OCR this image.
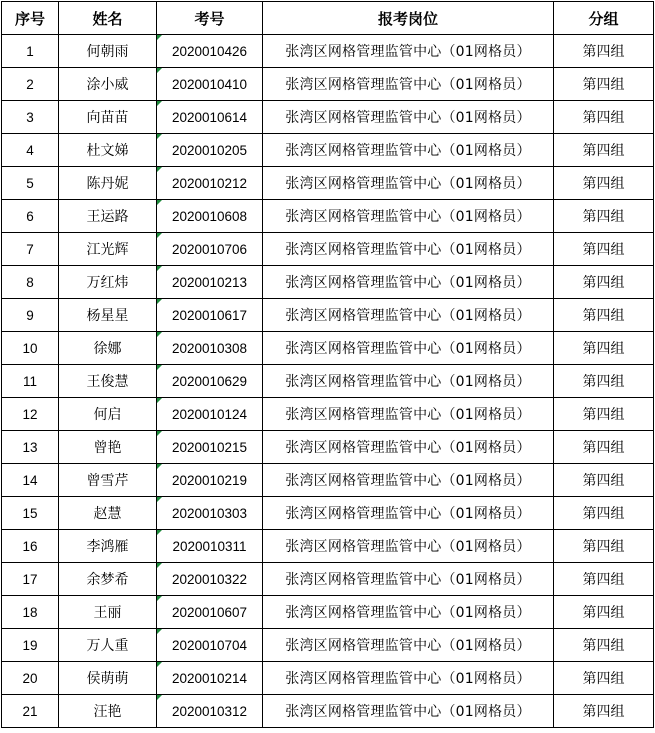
序号	姓名	考号	报考岗位	分组
1	何朝雨	2020010426	张湾区网格管理监管中心（01网格员）	第四组
2	涂小威	2020010410	张湾区网格管理监管中心（01网格员）	第四组
3	向苗苗	2020010614	张湾区网格管理监管中心（01网格员）	第四组
4	杜文娣	2020010205	张湾区网格管理监管中心（01网格员）	第四组
5	陈丹妮	2020010212	张湾区网格管理监管中心（01网格员）	第四组
6	王运路	2020010608	张湾区网格管理监管中心（01网格员）	第四组
7	江光辉	2020010706	张湾区网格管理监管中心（01网格员）	第四组
8	万红炜	2020010213	张湾区网格管理监管中心（01网格员）	第四组
9	杨星星	2020010617	张湾区网格管理监管中心（01网格员）	第四组
10	徐娜	2020010308	张湾区网格管理监管中心（01网格员）	第四组
11	王俊慧	2020010629	张湾区网格管理监管中心（01网格员）	第四组
12	何启	2020010124	张湾区网格管理监管中心（01网格员）	第四组
13	曾艳	2020010215	张湾区网格管理监管中心（01网格员）	第四组
14	曾雪芹	2020010219	张湾区网格管理监管中心（01网格员）	第四组
15	赵慧	2020010303	张湾区网格管理监管中心（01网格员）	第四组
16	李鸿雁	2020010311	张湾区网格管理监管中心（01网格员）	第四组
17	余梦希	2020010322	张湾区网格管理监管中心（01网格员）	第四组
18	王丽	2020010607	张湾区网格管理监管中心（01网格员）	第四组
19	万人重	2020010704	张湾区网格管理监管中心（01网格员）	第四组
20	侯萌萌	2020010214	张湾区网格管理监管中心（01网格员）	第四组
21	汪艳	2020010312	张湾区网格管理监管中心（01网格员）	第四组
